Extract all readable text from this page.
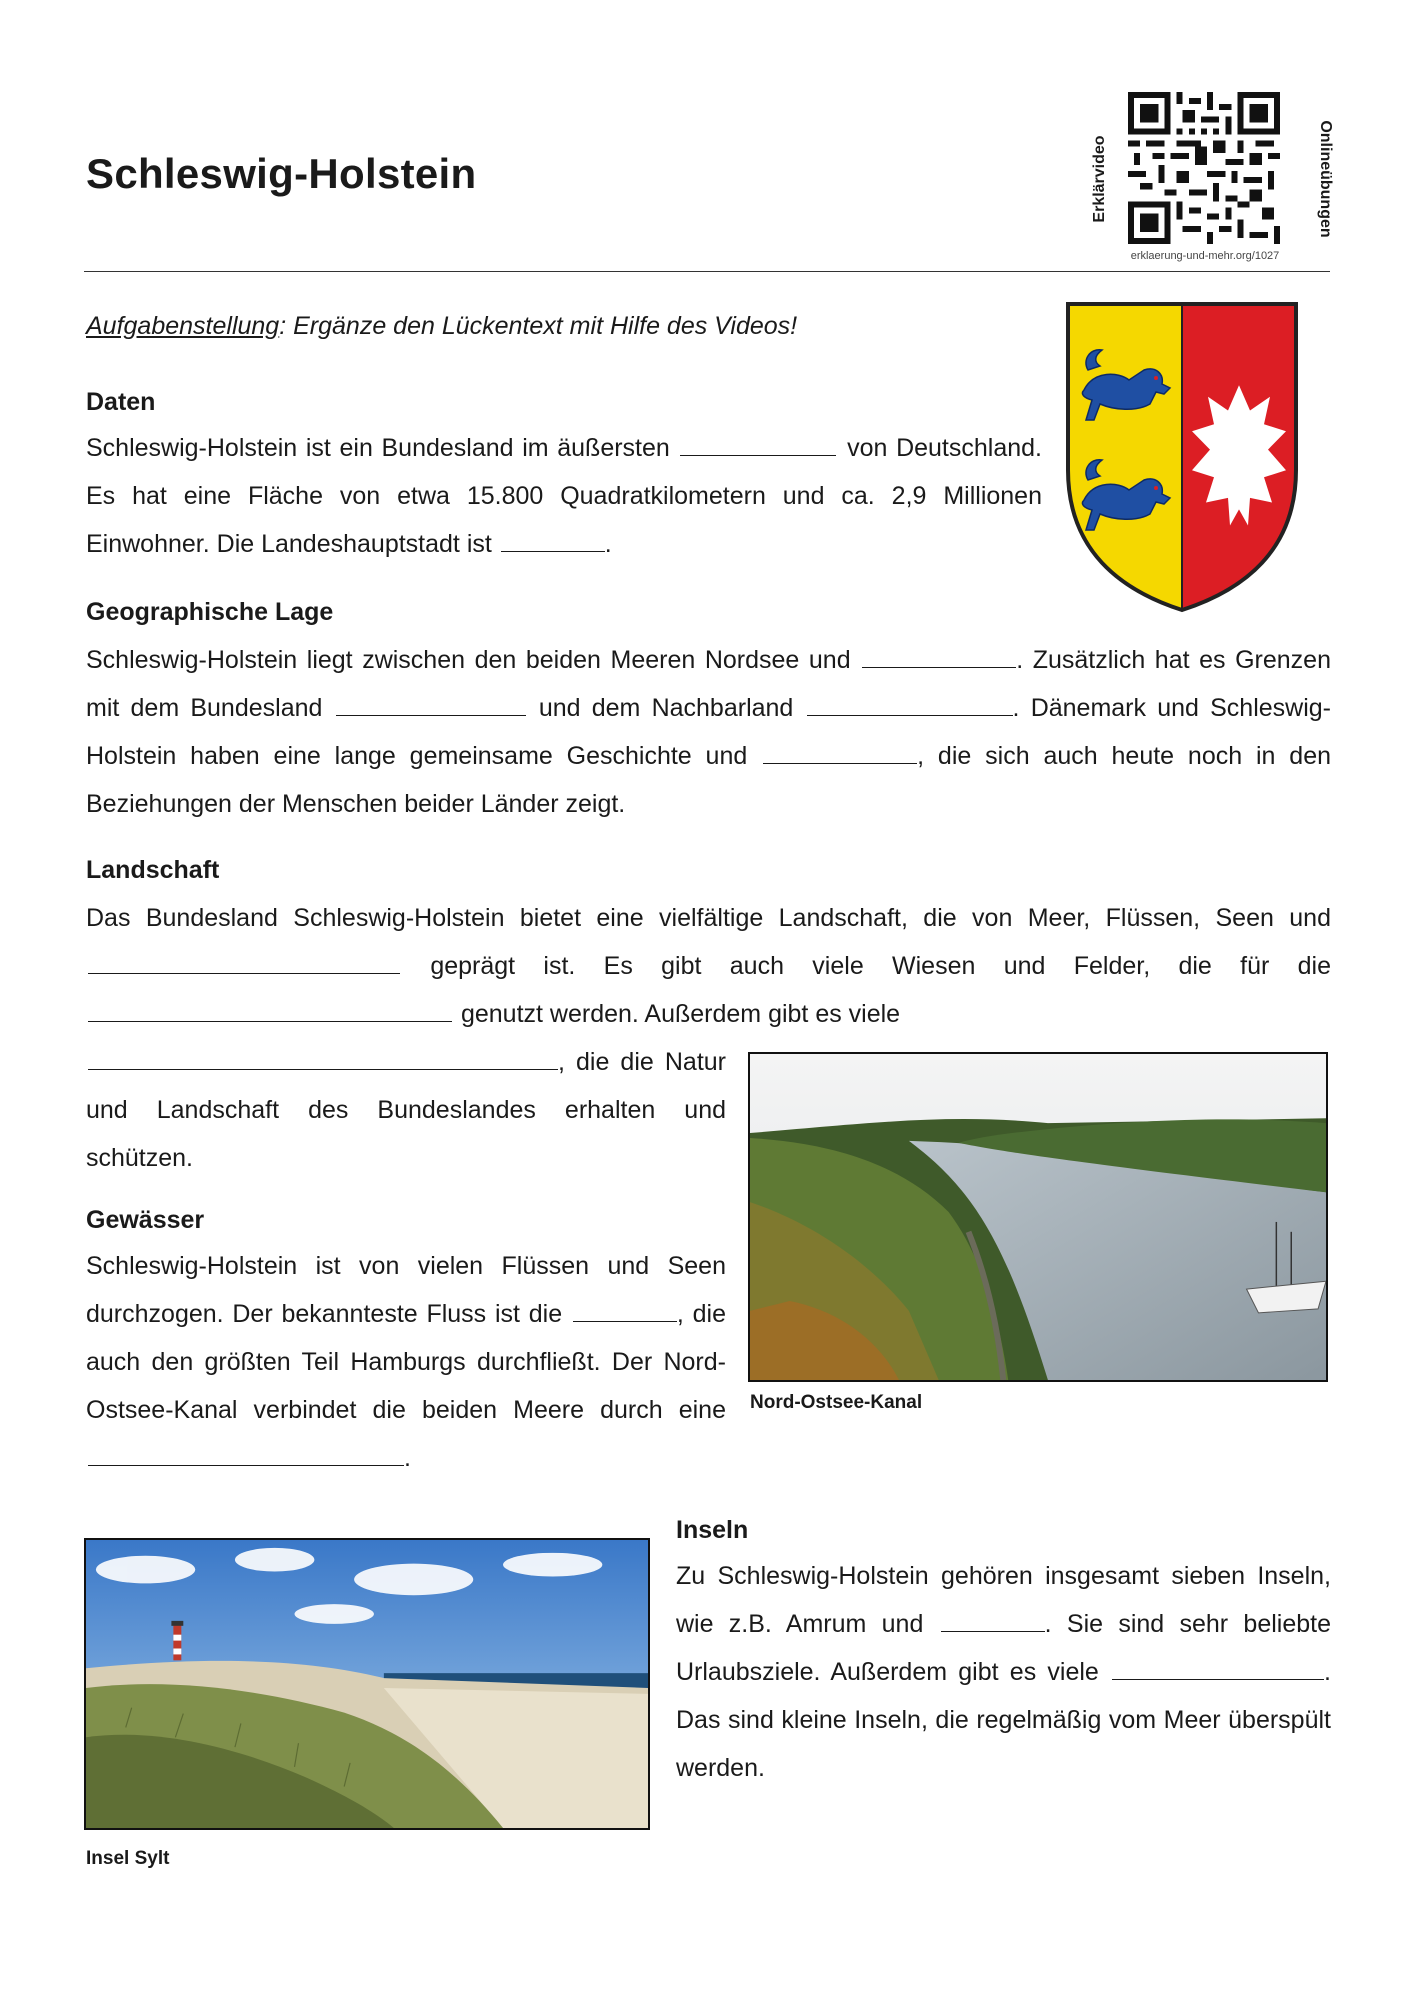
Schleswig-Holstein	Erklärvideo	Onlineübungen
erklaerung-und-mehr.org/1027
Aufgabenstellung: Ergänze den Lückentext mit Hilfe des Videos!
Daten
Schleswig-Holstein ist ein Bundesland im äußersten	von Deutschland. Es hat eine Fläche von etwa 15.800 Quadratkilometern und ca. 2,9 Millionen Einwohner. Die Landeshauptstadt ist	.
Geographische Lage
Schleswig-Holstein liegt zwischen den beiden Meeren Nordsee und	. Zusätzlich hat es Grenzen mit dem Bundesland	und dem Nachbarland	. Dänemark und Schleswig-Holstein haben eine lange gemeinsame Geschichte und	, die sich auch heute noch in den Beziehungen der Menschen beider Länder zeigt.
Landschaft
Das Bundesland Schleswig-Holstein bietet eine vielfältige Landschaft, die von Meer, Flüssen, Seen und  geprägt ist. Es gibt auch viele Wiesen und Felder, die für die  genutzt werden. Außerdem gibt es viele
, die die Natur und Landschaft des Bundeslandes erhalten und schützen.
Nord-Ostsee-Kanal
Gewässer
Schleswig-Holstein ist von vielen Flüssen und Seen durchzogen. Der bekannteste Fluss ist die	, die auch den größten Teil Hamburgs durchfließt. Der Nord-Ostsee-Kanal verbindet die beiden Meere durch eine .
Insel Sylt
Inseln
Zu Schleswig-Holstein gehören insgesamt sieben Inseln, wie z.B. Amrum und	. Sie sind sehr beliebte Urlaubsziele. Außerdem gibt es viele	. Das sind kleine Inseln, die regelmäßig vom Meer überspült werden.
